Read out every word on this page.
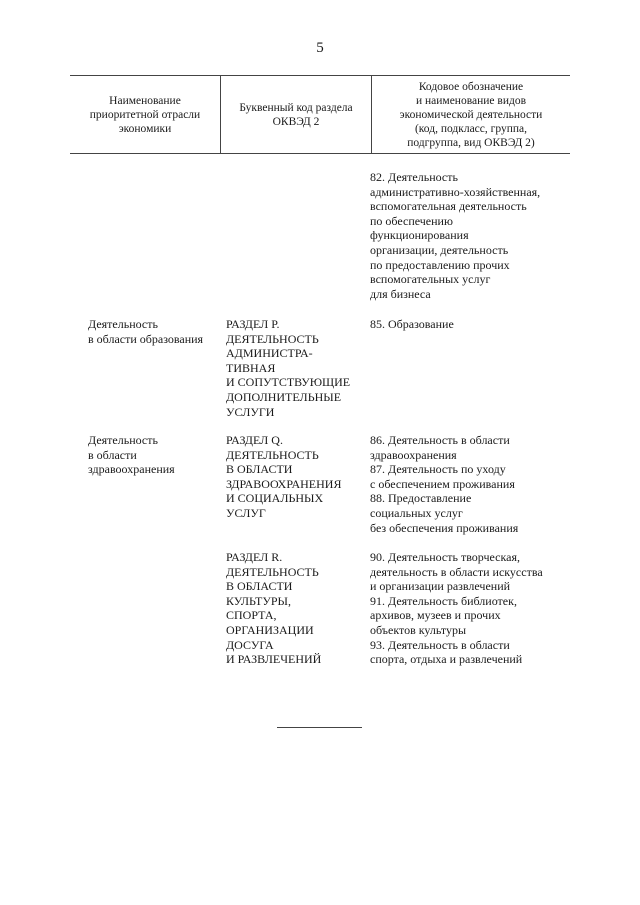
5
Наименование
приоритетной отрасли
экономики
Буквенный код раздела
ОКВЭД 2
Кодовое обозначение
и наименование видов
экономической деятельности
(код, подкласс, группа,
подгруппа, вид ОКВЭД 2)
82. Деятельность
административно-хозяйственная,
вспомогательная деятельность
по обеспечению
функционирования
организации, деятельность
по предоставлению прочих
вспомогательных услуг
для бизнеса
Деятельность
в области образования
РАЗДЕЛ Р.
ДЕЯТЕЛЬНОСТЬ
АДМИНИСТРА-
ТИВНАЯ
И СОПУТСТВУЮЩИЕ
ДОПОЛНИТЕЛЬНЫЕ
УСЛУГИ
85. Образование
Деятельность
в области
здравоохранения
РАЗДЕЛ Q.
ДЕЯТЕЛЬНОСТЬ
В ОБЛАСТИ
ЗДРАВООХРАНЕНИЯ
И СОЦИАЛЬНЫХ
УСЛУГ
86. Деятельность в области
здравоохранения
87. Деятельность по уходу
с обеспечением проживания
88. Предоставление
социальных услуг
без обеспечения проживания
РАЗДЕЛ R.
ДЕЯТЕЛЬНОСТЬ
В ОБЛАСТИ
КУЛЬТУРЫ,
СПОРТА,
ОРГАНИЗАЦИИ
ДОСУГА
И РАЗВЛЕЧЕНИЙ
90. Деятельность творческая,
деятельность в области искусства
и организации развлечений
91. Деятельность библиотек,
архивов, музеев и прочих
объектов культуры
93. Деятельность в области
спорта, отдыха и развлечений
